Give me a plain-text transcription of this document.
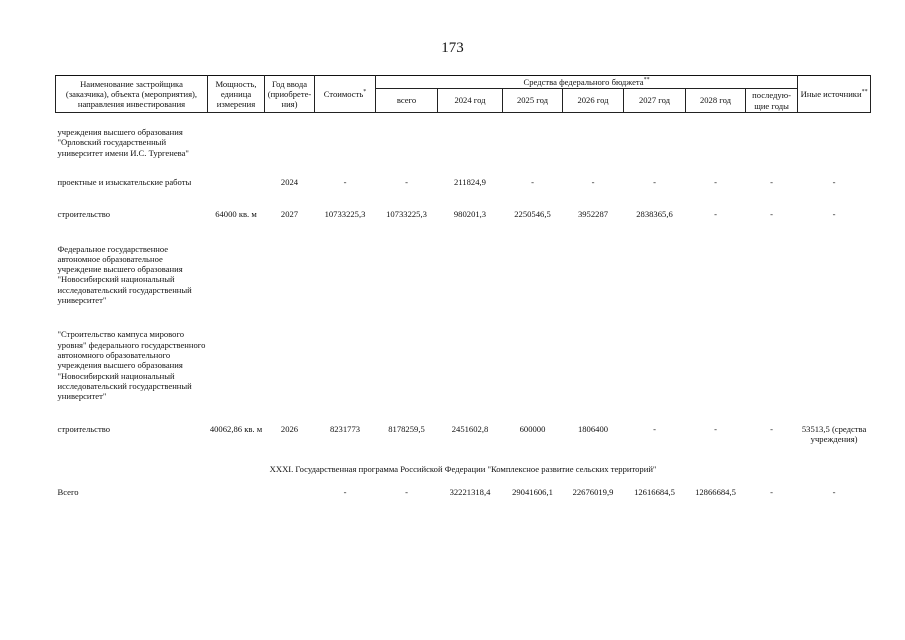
173
Наименование застройщика (заказчика), объекта (мероприятия), направления инвестирования	Мощность, единица измерения	Год ввода (приобрете-ния)	Стоимость*	Средства федерального бюджета**							Иные источники**
				всего	2024 год	2025 год	2026 год	2027 год	2028 год	последую-щие годы	
учреждения высшего образования "Орловский государственный университет имени И.С. Тургенева"											
проектные и изыскательские работы		2024	-	-	211824,9	-	-	-	-	-	-
строительство	64000 кв. м	2027	10733225,3	10733225,3	980201,3	2250546,5	3952287	2838365,6	-	-	-
Федеральное государственное автономное образовательное учреждение высшего образования "Новосибирский национальный исследовательский государственный университет"											
"Строительство кампуса мирового уровня" федерального государственного автономного образовательного учреждения высшего образования "Новосибирский национальный исследовательский государственный университет"											
строительство	40062,86 кв. м	2026	8231773	8178259,5	2451602,8	600000	1806400	-	-	-	53513,5 (средства учреждения)
XXXI. Государственная программа Российской Федерации "Комплексное развитие сельских территорий"											
Всего			-	-	32221318,4	29041606,1	22676019,9	12616684,5	12866684,5	-	-
